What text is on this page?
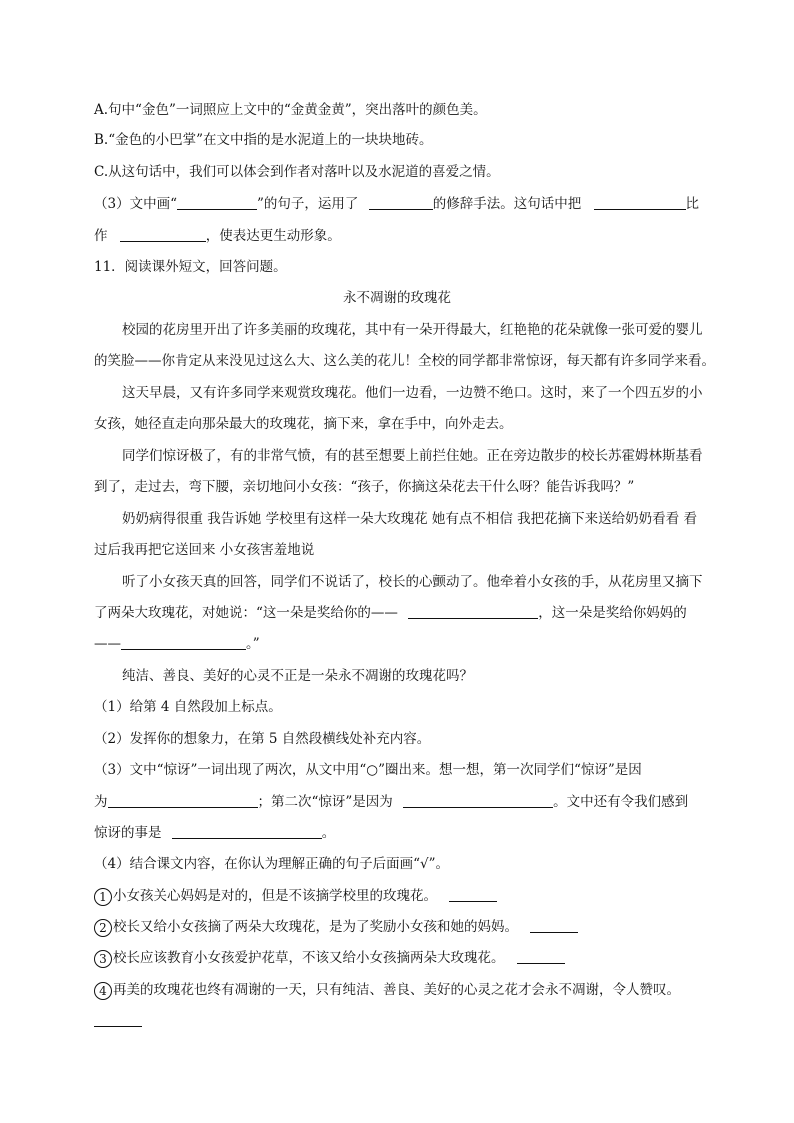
A.句中“金色”一词照应上文中的“金黄金黄”，突出落叶的颜色美。
B.“金色的小巴掌”在文中指的是水泥道上的一块块地砖。
C.从这句话中，我们可以体会到作者对落叶以及水泥道的喜爱之情。
（3）文中画“	”的句子，运用了	的修辞手法。这句话中把	比
作	，使表达更生动形象。
11．阅读课外短文，回答问题。
永不凋谢的玫瑰花
校园的花房里开出了许多美丽的玫瑰花，其中有一朵开得最大，红艳艳的花朵就像一张可爱的婴儿
的笑脸——你肯定从来没见过这么大、这么美的花儿！全校的同学都非常惊讶，每天都有许多同学来看。
这天早晨，又有许多同学来观赏玫瑰花。他们一边看，一边赞不绝口。这时，来了一个四五岁的小
女孩，她径直走向那朵最大的玫瑰花，摘下来，拿在手中，向外走去。
同学们惊讶极了，有的非常气愤，有的甚至想要上前拦住她。正在旁边散步的校长苏霍姆林斯基看
到了，走过去，弯下腰，亲切地问小女孩：“孩子，你摘这朵花去干什么呀？能告诉我吗？”
奶奶病得很重 我告诉她 学校里有这样一朵大玫瑰花 她有点不相信 我把花摘下来送给奶奶看看 看
过后我再把它送回来 小女孩害羞地说
听了小女孩天真的回答，同学们不说话了，校长的心颤动了。他牵着小女孩的手，从花房里又摘下
了两朵大玫瑰花，对她说：“这一朵是奖给你的——	，这一朵是奖给你妈妈的
——	。”
纯洁、善良、美好的心灵不正是一朵永不凋谢的玫瑰花吗？
（1）给第 4 自然段加上标点。
（2）发挥你的想象力，在第 5 自然段横线处补充内容。
（3）文中“惊讶”一词出现了两次，从文中用“○”圈出来。想一想，第一次同学们“惊讶”是因
为	；第二次“惊讶”是因为	。文中还有令我们感到
惊讶的事是	。
（4）结合课文内容，在你认为理解正确的句子后面画“√”。
1 小女孩关心妈妈是对的，但是不该摘学校里的玫瑰花。
2 校长又给小女孩摘了两朵大玫瑰花，是为了奖励小女孩和她的妈妈。
3 校长应该教育小女孩爱护花草，不该又给小女孩摘两朵大玫瑰花。
4 再美的玫瑰花也终有凋谢的一天，只有纯洁、善良、美好的心灵之花才会永不凋谢，令人赞叹。
